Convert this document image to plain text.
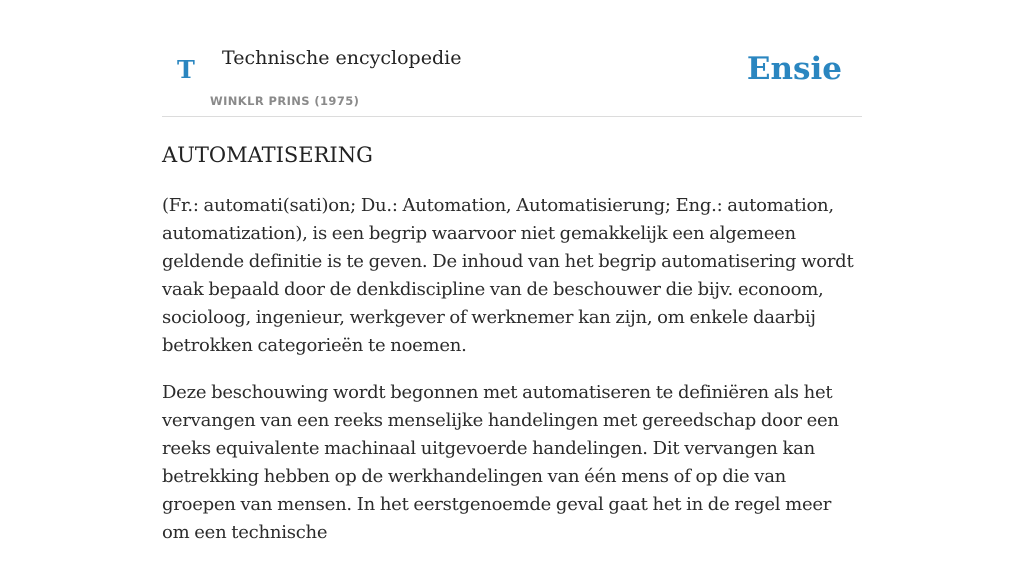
T Technische encyclopedie
WINKLR PRINS (1975)
Ensie
AUTOMATISERING

(Fr.: automati(sati)on; Du.: Automation, Automatisierung; Eng.: automation, automatization), is een begrip waarvoor niet gemakkelijk een algemeen geldende definitie is te geven. De inhoud van het begrip automatisering wordt vaak bepaald door de denkdiscipline van de beschouwer die bijv. econoom, socioloog, ingenieur, werkgever of werknemer kan zijn, om enkele daarbij betrokken categorieën te noemen.

Deze beschouwing wordt begonnen met automatiseren te definiëren als het vervangen van een reeks menselijke handelingen met gereedschap door een reeks equivalente machinaal uitgevoerde handelingen. Dit vervangen kan betrekking hebben op de werkhandelingen van één mens of op die van groepen van mensen. In het eerstgenoemde geval gaat het in de regel meer om een technische
